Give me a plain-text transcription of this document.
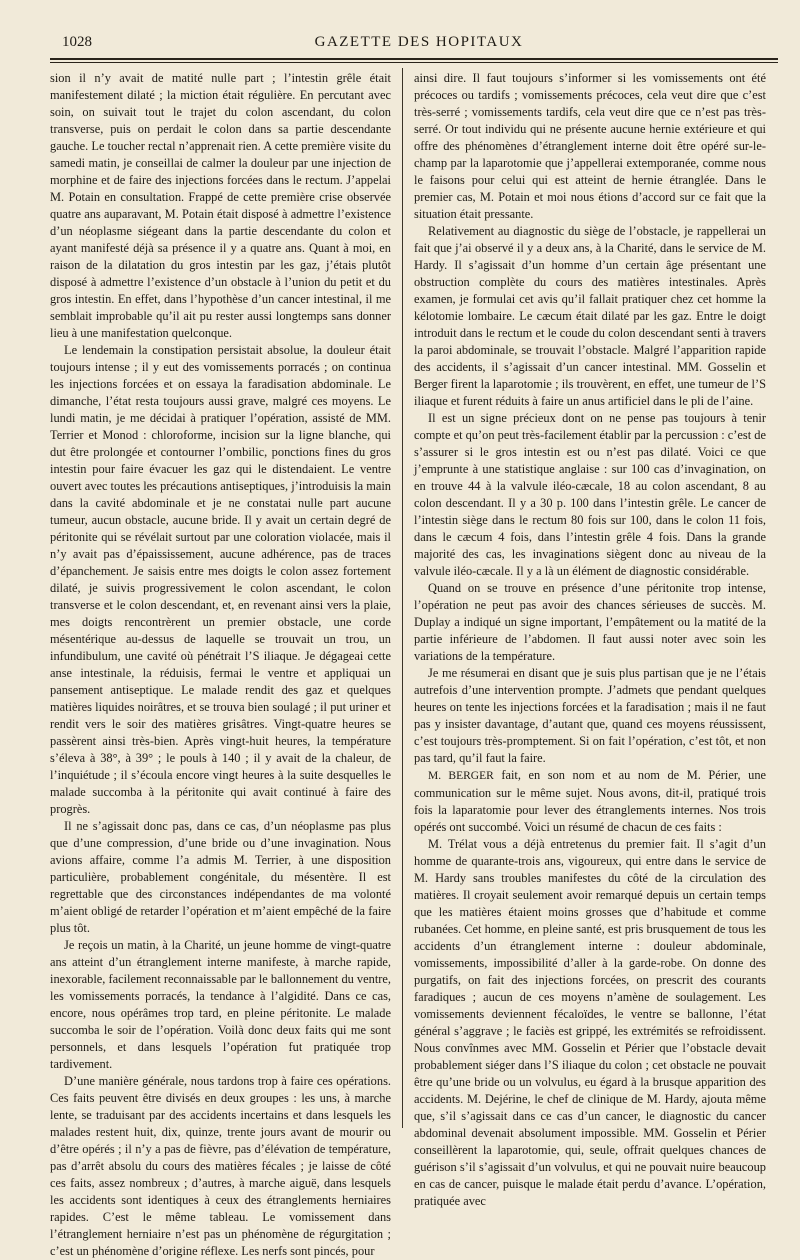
1028	GAZETTE DES HOPITAUX

sion il n’y avait de matité nulle part ; l’intestin grêle était manifestement dilaté ; la miction était régulière. En percutant avec soin, on suivait tout le trajet du colon ascendant, du colon transverse, puis on perdait le colon dans sa partie descendante gauche. Le toucher rectal n’apprenait rien. A cette première visite du samedi matin, je conseillai de calmer la douleur par une injection de morphine et de faire des injections forcées dans le rectum. J’appelai M. Potain en consultation. Frappé de cette première crise observée quatre ans auparavant, M. Potain était disposé à admettre l’existence d’un néoplasme siégeant dans la partie descendante du colon et ayant manifesté déjà sa présence il y a quatre ans. Quant à moi, en raison de la dilatation du gros intestin par les gaz, j’étais plutôt disposé à admettre l’existence d’un obstacle à l’union du petit et du gros intestin. En effet, dans l’hypothèse d’un cancer intestinal, il me semblait improbable qu’il ait pu rester aussi longtemps sans donner lieu à une manifestation quelconque.

Le lendemain la constipation persistait absolue, la douleur était toujours intense ; il y eut des vomissements porracés ; on continua les injections forcées et on essaya la faradisation abdominale. Le dimanche, l’état resta toujours aussi grave, malgré ces moyens. Le lundi matin, je me décidai à pratiquer l’opération, assisté de MM. Terrier et Monod : chloroforme, incision sur la ligne blanche, qui dut être prolongée et contourner l’ombilic, ponctions fines du gros intestin pour faire évacuer les gaz qui le distendaient. Le ventre ouvert avec toutes les précautions antiseptiques, j’introduisis la main dans la cavité abdominale et je ne constatai nulle part aucune tumeur, aucun obstacle, aucune bride. Il y avait un certain degré de péritonite qui se révélait surtout par une coloration violacée, mais il n’y avait pas d’épaississement, aucune adhérence, pas de traces d’épanchement. Je saisis entre mes doigts le colon assez fortement dilaté, je suivis progressivement le colon ascendant, le colon transverse et le colon descendant, et, en revenant ainsi vers la plaie, mes doigts rencontrèrent un premier obstacle, une corde mésentérique au-dessus de laquelle se trouvait un trou, un infundibulum, une cavité où pénétrait l’S iliaque. Je dégageai cette anse intestinale, la réduisis, fermai le ventre et appliquai un pansement antiseptique. Le malade rendit des gaz et quelques matières liquides noirâtres, et se trouva bien soulagé ; il put uriner et rendit vers le soir des matières grisâtres. Vingt-quatre heures se passèrent ainsi très-bien. Après vingt-huit heures, la température s’éleva à 38°, à 39° ; le pouls à 140 ; il y avait de la chaleur, de l’inquiétude ; il s’écoula encore vingt heures à la suite desquelles le malade succomba à la péritonite qui avait continué à faire des progrès.

Il ne s’agissait donc pas, dans ce cas, d’un néoplasme pas plus que d’une compression, d’une bride ou d’une invagination. Nous avions affaire, comme l’a admis M. Terrier, à une disposition particulière, probablement congénitale, du mésentère. Il est regrettable que des circonstances indépendantes de ma volonté m’aient obligé de retarder l’opération et m’aient empêché de la faire plus tôt.

Je reçois un matin, à la Charité, un jeune homme de vingt-quatre ans atteint d’un étranglement interne manifeste, à marche rapide, inexorable, facilement reconnaissable par le ballonnement du ventre, les vomissements porracés, la tendance à l’algidité. Dans ce cas, encore, nous opérâmes trop tard, en pleine péritonite. Le malade succomba le soir de l’opération. Voilà donc deux faits qui me sont personnels, et dans lesquels l’opération fut pratiquée trop tardivement.

D’une manière générale, nous tardons trop à faire ces opérations. Ces faits peuvent être divisés en deux groupes : les uns, à marche lente, se traduisant par des accidents incertains et dans lesquels les malades restent huit, dix, quinze, trente jours avant de mourir ou d’être opérés ; il n’y a pas de fièvre, pas d’élévation de température, pas d’arrêt absolu du cours des matières fécales ; je laisse de côté ces faits, assez nombreux ; d’autres, à marche aiguë, dans lesquels les accidents sont identiques à ceux des étranglements herniaires rapides. C’est le même tableau. Le vomissement dans l’étranglement herniaire n’est pas un phénomène de régurgitation ; c’est un phénomène d’origine réflexe. Les nerfs sont pincés, pour

ainsi dire. Il faut toujours s’informer si les vomissements ont été précoces ou tardifs ; vomissements précoces, cela veut dire que c’est très-serré ; vomissements tardifs, cela veut dire que ce n’est pas très-serré. Or tout individu qui ne présente aucune hernie extérieure et qui offre des phénomènes d’étranglement interne doit être opéré sur-le-champ par la laparotomie que j’appellerai extemporanée, comme nous le faisons pour celui qui est atteint de hernie étranglée. Dans le premier cas, M. Potain et moi nous étions d’accord sur ce fait que la situation était pressante.

Relativement au diagnostic du siège de l’obstacle, je rappellerai un fait que j’ai observé il y a deux ans, à la Charité, dans le service de M. Hardy. Il s’agissait d’un homme d’un certain âge présentant une obstruction complète du cours des matières intestinales. Après examen, je formulai cet avis qu’il fallait pratiquer chez cet homme la kélotomie lombaire. Le cæcum était dilaté par les gaz. Entre le doigt introduit dans le rectum et le coude du colon descendant senti à travers la paroi abdominale, se trouvait l’obstacle. Malgré l’apparition rapide des accidents, il s’agissait d’un cancer intestinal. MM. Gosselin et Berger firent la laparotomie ; ils trouvèrent, en effet, une tumeur de l’S iliaque et furent réduits à faire un anus artificiel dans le pli de l’aine.

Il est un signe précieux dont on ne pense pas toujours à tenir compte et qu’on peut très-facilement établir par la percussion : c’est de s’assurer si le gros intestin est ou n’est pas dilaté. Voici ce que j’emprunte à une statistique anglaise : sur 100 cas d’invagination, on en trouve 44 à la valvule iléo-cæcale, 18 au colon ascendant, 8 au colon descendant. Il y a 30 p. 100 dans l’intestin grêle. Le cancer de l’intestin siège dans le rectum 80 fois sur 100, dans le colon 11 fois, dans le cæcum 4 fois, dans l’intestin grêle 4 fois. Dans la grande majorité des cas, les invaginations siègent donc au niveau de la valvule iléo-cæcale. Il y a là un élément de diagnostic considérable.

Quand on se trouve en présence d’une péritonite trop intense, l’opération ne peut pas avoir des chances sérieuses de succès. M. Duplay a indiqué un signe important, l’empâtement ou la matité de la partie inférieure de l’abdomen. Il faut aussi noter avec soin les variations de la température.

Je me résumerai en disant que je suis plus partisan que je ne l’étais autrefois d’une intervention prompte. J’admets que pendant quelques heures on tente les injections forcées et la faradisation ; mais il ne faut pas y insister davantage, d’autant que, quand ces moyens réussissent, c’est toujours très-promptement. Si on fait l’opération, c’est tôt, et non pas tard, qu’il faut la faire.

M. BERGER fait, en son nom et au nom de M. Périer, une communication sur le même sujet. Nous avons, dit-il, pratiqué trois fois la laparatomie pour lever des étranglements internes. Nos trois opérés ont succombé. Voici un résumé de chacun de ces faits :

M. Trélat vous a déjà entretenus du premier fait. Il s’agit d’un homme de quarante-trois ans, vigoureux, qui entre dans le service de M. Hardy sans troubles manifestes du côté de la circulation des matières. Il croyait seulement avoir remarqué depuis un certain temps que les matières étaient moins grosses que d’habitude et comme rubanées. Cet homme, en pleine santé, est pris brusquement de tous les accidents d’un étranglement interne : douleur abdominale, vomissements, impossibilité d’aller à la garde-robe. On donne des purgatifs, on fait des injections forcées, on prescrit des courants faradiques ; aucun de ces moyens n’amène de soulagement. Les vomissements deviennent fécaloïdes, le ventre se ballonne, l’état général s’aggrave ; le faciès est grippé, les extrémités se refroidissent. Nous convînmes avec MM. Gosselin et Périer que l’obstacle devait probablement siéger dans l’S iliaque du colon ; cet obstacle ne pouvait être qu’une bride ou un volvulus, eu égard à la brusque apparition des accidents. M. Dejérine, le chef de clinique de M. Hardy, ajouta même que, s’il s’agissait dans ce cas d’un cancer, le diagnostic du cancer abdominal devenait absolument impossible. MM. Gosselin et Périer conseillèrent la laparotomie, qui, seule, offrait quelques chances de guérison s’il s’agissait d’un volvulus, et qui ne pouvait nuire beaucoup en cas de cancer, puisque le malade était perdu d’avance. L’opération, pratiquée avec
